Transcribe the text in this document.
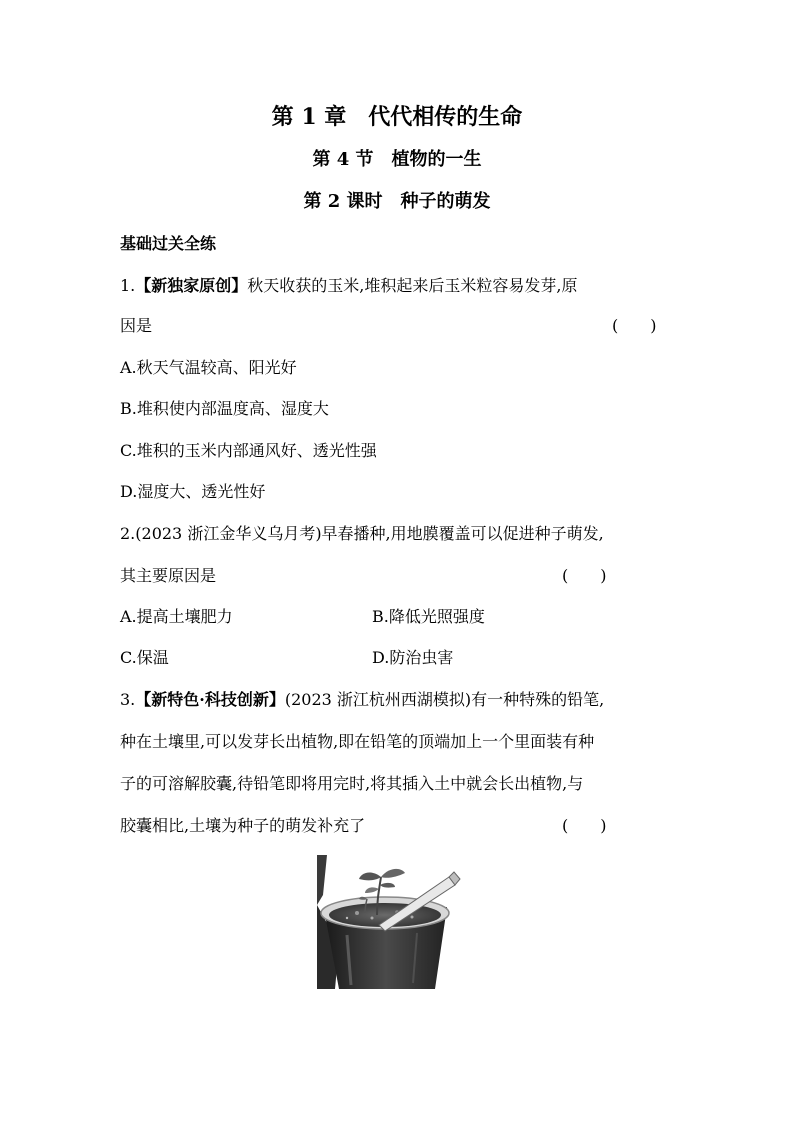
第 1 章　代代相传的生命
第 4 节　植物的一生
第 2 课时　种子的萌发
基础过关全练
1.【新独家原创】秋天收获的玉米,堆积起来后玉米粒容易发芽,原
因是	(　　)
A.秋天气温较高、阳光好
B.堆积使内部温度高、湿度大
C.堆积的玉米内部通风好、透光性强
D.湿度大、透光性好
2.(2023 浙江金华义乌月考)早春播种,用地膜覆盖可以促进种子萌发,
其主要原因是	(　　)
A.提高土壤肥力	B.降低光照强度
C.保温	D.防治虫害
3.【新特色·科技创新】(2023 浙江杭州西湖模拟)有一种特殊的铅笔,
种在土壤里,可以发芽长出植物,即在铅笔的顶端加上一个里面装有种
子的可溶解胶囊,待铅笔即将用完时,将其插入土中就会长出植物,与
胶囊相比,土壤为种子的萌发补充了	(　　)
